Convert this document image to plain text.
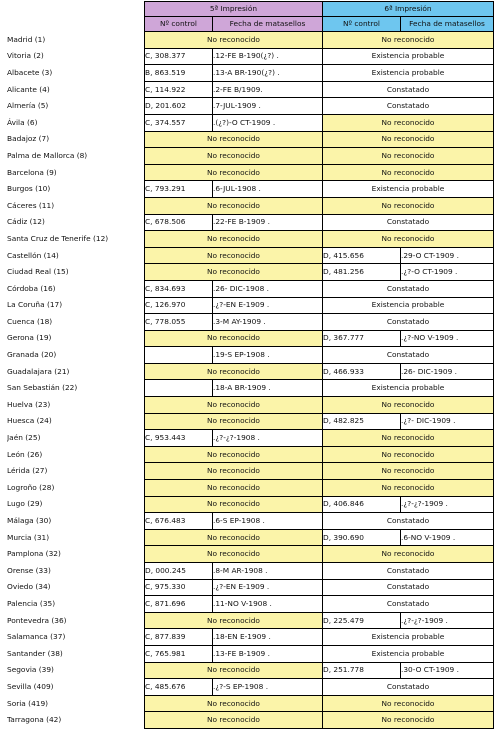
	5ª Impresión		6ª Impresión	
	Nº control	Fecha de matasellos	Nº control	Fecha de matasellos
Madrid (1)	No reconocido		No reconocido	
Vitoria (2)	C, 308.377	.12-FE B-190(¿?) .	Existencia probable	
Albacete (3)	B, 863.519	.13-A BR-190(¿?) .	Existencia probable	
Alicante (4)	C, 114.922	.2-FE B/1909.	Constatado	
Almería (5)	D, 201.602	.7-JUL-1909 .	Constatado	
Ávila (6)	C, 374.557	.(¿?)-O CT-1909 .	No reconocido	
Badajoz (7)	No reconocido		No reconocido	
Palma de Mallorca (8)	No reconocido		No reconocido	
Barcelona (9)	No reconocido		No reconocido	
Burgos (10)	C, 793.291	.6-JUL-1908 .	Existencia probable	
Cáceres (11)	No reconocido		No reconocido	
Cádiz (12)	C, 678.506	.22-FE B-1909 .	Constatado	
Santa Cruz de Tenerife (12)	No reconocido		No reconocido	
Castellón (14)	No reconocido		D, 415.656	.29-O CT-1909 .
Ciudad Real (15)	No reconocido		D, 481.256	.¿?-O CT-1909 .
Córdoba (16)	C, 834.693	.26- DIC-1908 .	Constatado	
La Coruña (17)	C, 126.970	.¿?-EN E-1909 .	Existencia probable	
Cuenca (18)	C, 778.055	.3-M AY-1909 .	Constatado	
Gerona (19)	No reconocido		D, 367.777	.¿?-NO V-1909 .
Granada (20)		.19-S EP-1908 .	Constatado	
Guadalajara (21)	No reconocido		D, 466.933	.26- DIC-1909 .
San Sebastián (22)		.18-A BR-1909 .	Existencia probable	
Huelva (23)	No reconocido		No reconocido	
Huesca (24)	No reconocido		D, 482.825	.¿?- DIC-1909 .
Jaén (25)	C, 953.443	.¿?-¿?-1908 .	No reconocido	
León (26)	No reconocido		No reconocido	
Lérida (27)	No reconocido		No reconocido	
Logroño (28)	No reconocido		No reconocido	
Lugo (29)	No reconocido		D, 406.846	.¿?-¿?-1909 .
Málaga (30)	C, 676.483	.6-S EP-1908 .	Constatado	
Murcia (31)	No reconocido		D, 390.690	.6-NO V-1909 .
Pamplona (32)	No reconocido		No reconocido	
Orense (33)	D, 000.245	.8-M AR-1908 .	Constatado	
Oviedo (34)	C, 975.330	.¿?-EN E-1909 .	Constatado	
Palencia (35)	C, 871.696	.11-NO V-1908 .	Constatado	
Pontevedra (36)	No reconocido		D, 225.479	.¿?-¿?-1909 .
Salamanca (37)	C, 877.839	.18-EN E-1909 .	Existencia probable	
Santander (38)	C, 765.981	.13-FE B-1909 .	Existencia probable	
Segovia (39)	No reconocido		D, 251.778	.30-O CT-1909 .
Sevilla (409)	C, 485.676	.¿?-S EP-1908 .	Constatado	
Soria (419)	No reconocido		No reconocido	
Tarragona (42)	No reconocido		No reconocido	
